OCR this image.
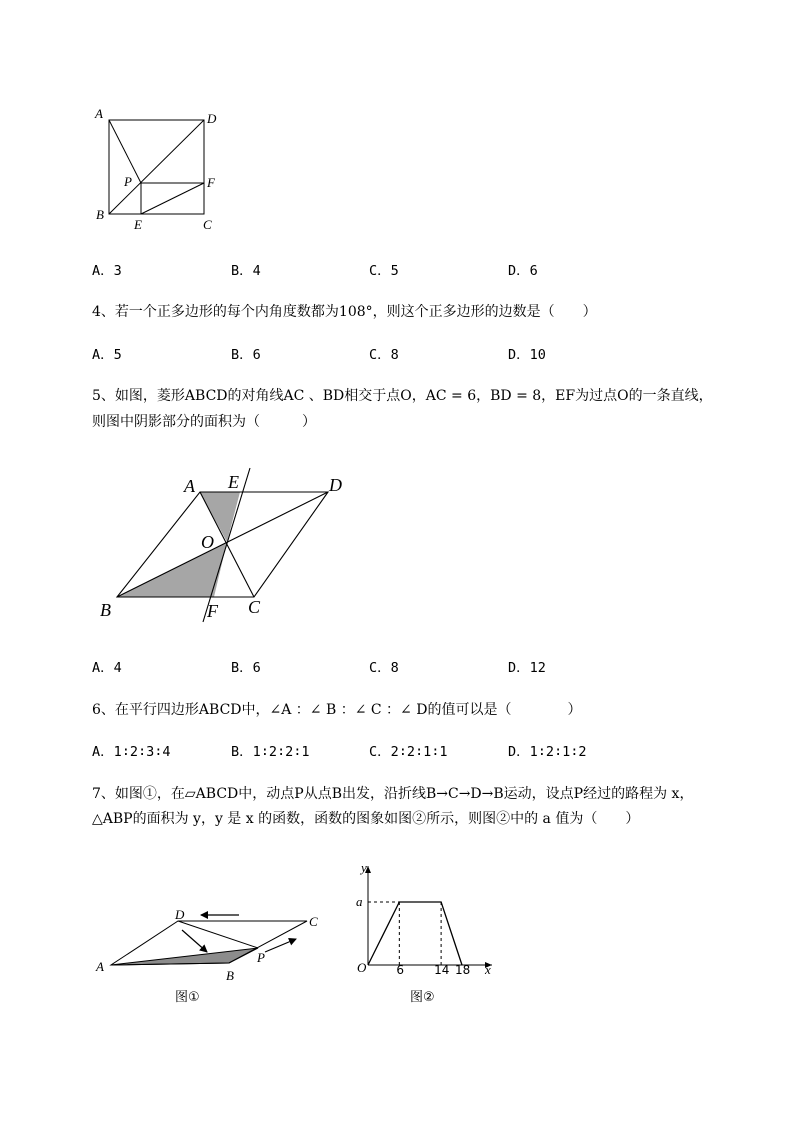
A	D
P	F
B
E	C
A．3	B．4	C．5	D．6
4、若一个正多边形的每个内角度数都为108°，则这个正多边形的边数是（　　）
A．5	B．6	C．8	D．10
5、如图，菱形ABCD的对角线AC 、BD相交于点O，AC = 6，BD = 8，EF为过点O的一条直线，
则图中阴影部分的面积为（　　　）
A E	D
O
B	F C
A．4	B．6	C．8	D．12
6、在平行四边形ABCD中，∠A ：∠ B ：∠ C ：∠ D的值可以是（　　　　）
A．1∶2∶3∶4	B．1∶2∶2∶1	C．2∶2∶1∶1	D．1∶2∶1∶2
7、如图①，在▱ABCD中，动点P从点B出发，沿折线B→C→D→B运动，设点P经过的路程为 x，
△ABP的面积为 y，y 是 x 的函数，函数的图象如图②所示，则图②中的 a 值为（　　）
D	C
A
B
P
图①
y
x
O
图②
6	14 18
a
